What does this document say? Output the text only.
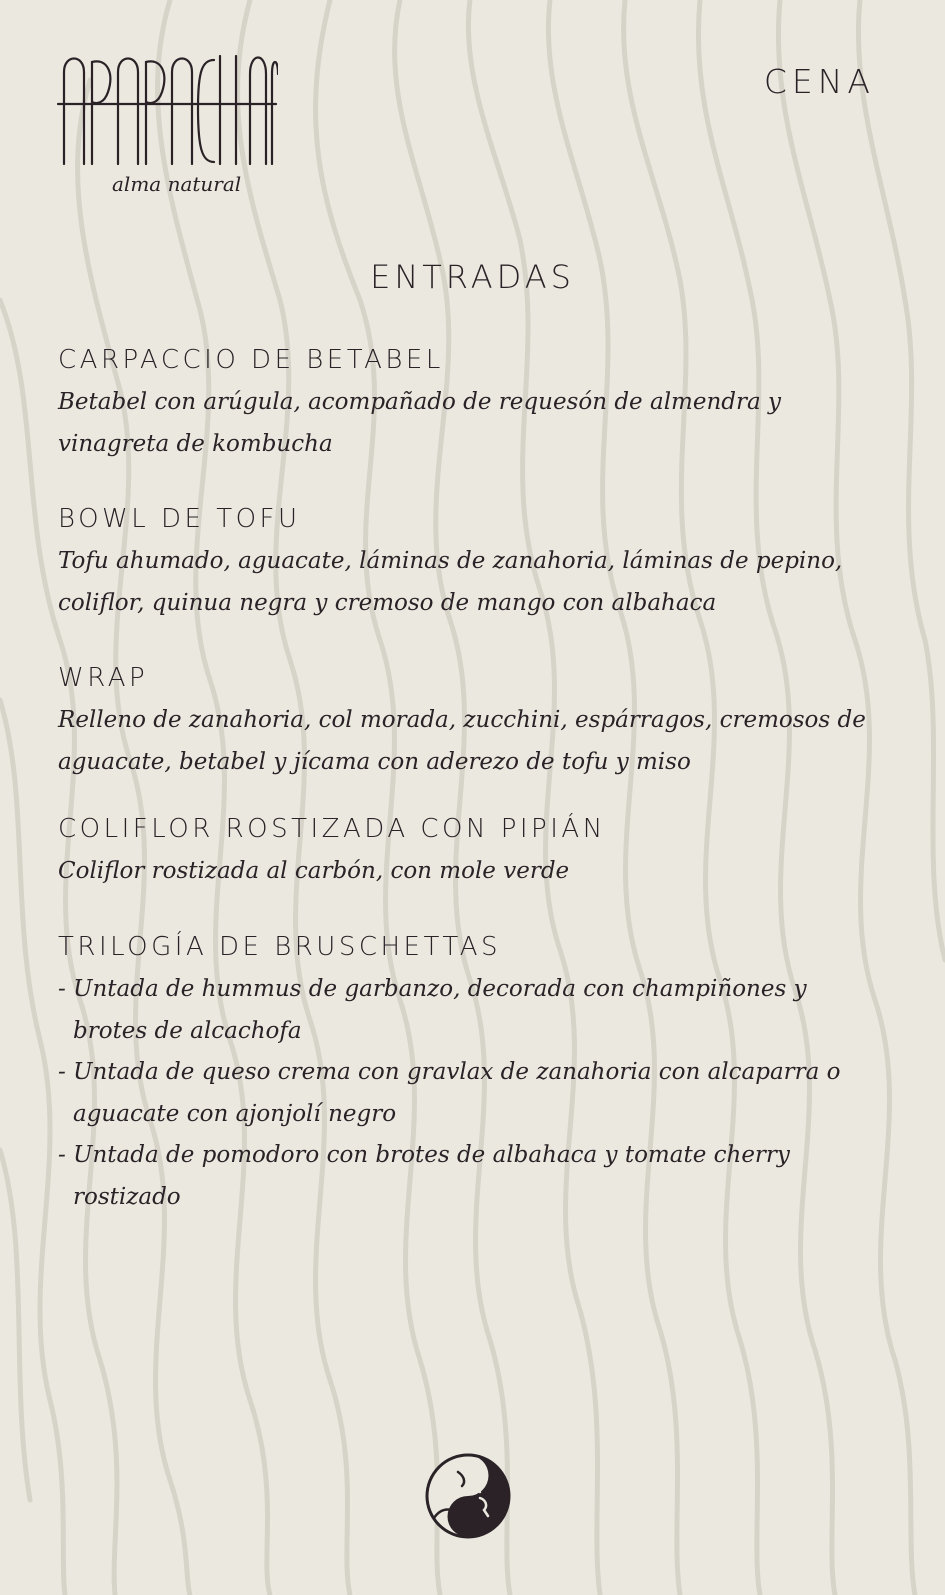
alma natural
CENA
ENTRADAS
CARPACCIO DE BETABEL
Betabel con arúgula, acompañado de requesón de almendra y vinagreta de kombucha
BOWL DE TOFU
Tofu ahumado, aguacate, láminas de zanahoria, láminas de pepino, coliflor, quinua negra y cremoso de mango con albahaca
WRAP
Relleno de zanahoria, col morada, zucchini, espárragos, cremosos de aguacate, betabel y jícama con aderezo de tofu y miso
COLIFLOR ROSTIZADA CON PIPIÁN
Coliflor rostizada al carbón, con mole verde
TRILOGÍA DE BRUSCHETTAS
- Untada de hummus de garbanzo, decorada con champiñones y brotes de alcachofa
- Untada de queso crema con gravlax de zanahoria con alcaparra o aguacate con ajonjolí negro
- Untada de pomodoro con brotes de albahaca y tomate cherry rostizado
